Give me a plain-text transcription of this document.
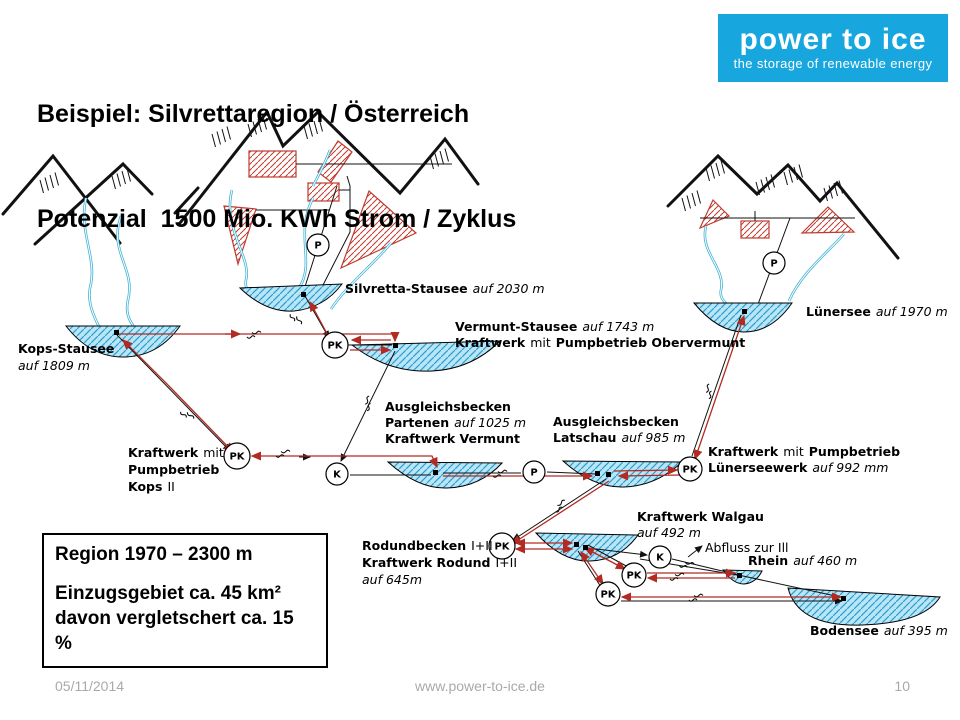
P
P
PK
PK
K	P	PK
PK
K
PK
PK
Silvretta-Stausee auf 2030 m
Vermunt-Stausee auf 1743 m
Kraftwerk mit Pumpbetrieb Obervermunt
Kops-Stausee
auf 1809 m
Lünersee auf 1970 m
Ausgleichsbecken
Partenen auf 1025 m
Kraftwerk Vermunt
Ausgleichsbecken
Latschau auf 985 m
Kraftwerk mit
Pumpbetrieb
Kops II
Kraftwerk mit Pumpbetrieb
Lünerseewerk auf 992 mm
Kraftwerk Walgau
auf 492 m
Abfluss zur Ill
Rhein auf 460 m
Rodundbecken I+II
Kraftwerk Rodund I+II
auf 645m
Bodensee auf 395 m

Beispiel: Silvrettaregion / Österreich

Potenzial  1500 Mio. KWh Strom / Zyklus

power to ice
the storage of renewable energy
Region 1970 – 2300 m
Einzugsgebiet ca. 45 km²
davon vergletschert ca. 15 %
05/11/2014	www.power-to-ice.de	10
